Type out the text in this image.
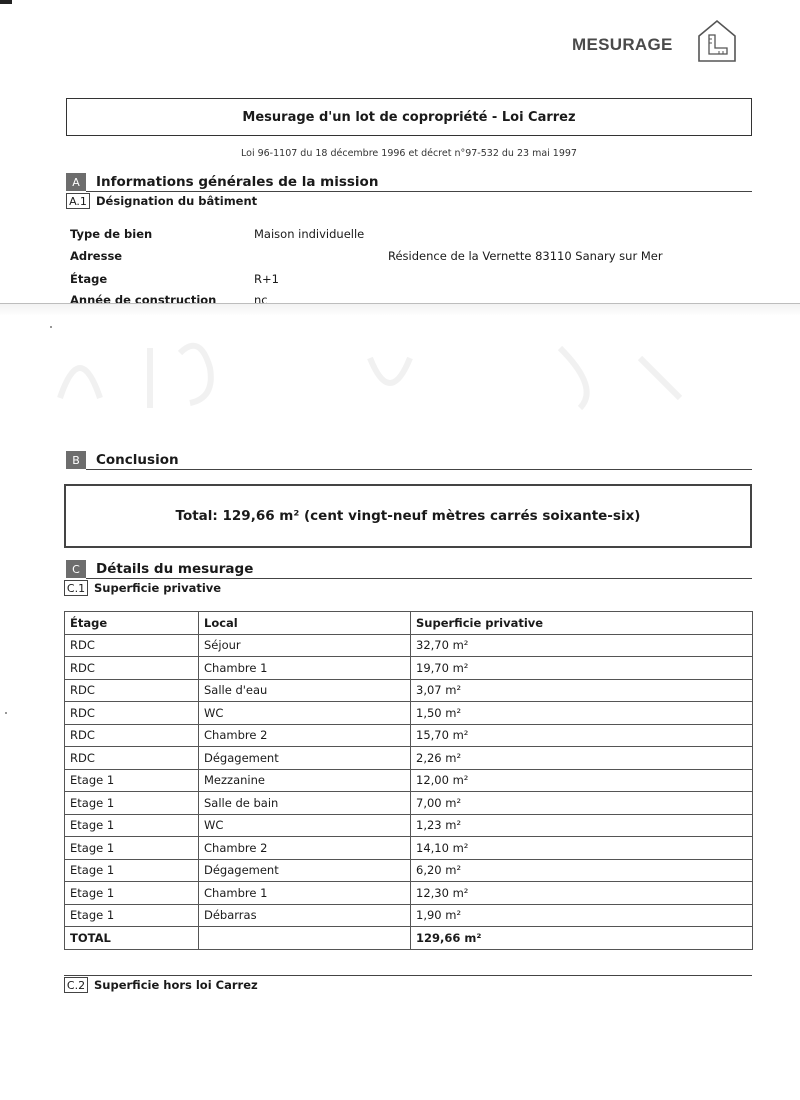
MESURAGE
Mesurage d'un lot de copropriété - Loi Carrez
Loi 96-1107 du 18 décembre 1996 et décret n°97-532 du 23 mai 1997
A	Informations générales de la mission
A.1 Désignation du bâtiment
Type de bien	Maison individuelle
Adresse	Résidence de la Vernette 83110 Sanary sur Mer
Étage	R+1
Année de construction	nc
B	Conclusion
Total: 129,66 m² (cent vingt-neuf mètres carrés soixante-six)
C	Détails du mesurage
C.1 Superficie privative
Étage	Local	Superficie privative
RDC	Séjour	32,70 m²
RDC	Chambre 1	19,70 m²
RDC	Salle d'eau	3,07 m²
RDC	WC	1,50 m²
RDC	Chambre 2	15,70 m²
RDC	Dégagement	2,26 m²
Etage 1	Mezzanine	12,00 m²
Etage 1	Salle de bain	7,00 m²
Etage 1	WC	1,23 m²
Etage 1	Chambre 2	14,10 m²
Etage 1	Dégagement	6,20 m²
Etage 1	Chambre 1	12,30 m²
Etage 1	Débarras	1,90 m²
TOTAL		129,66 m²
C.2 Superficie hors loi Carrez
